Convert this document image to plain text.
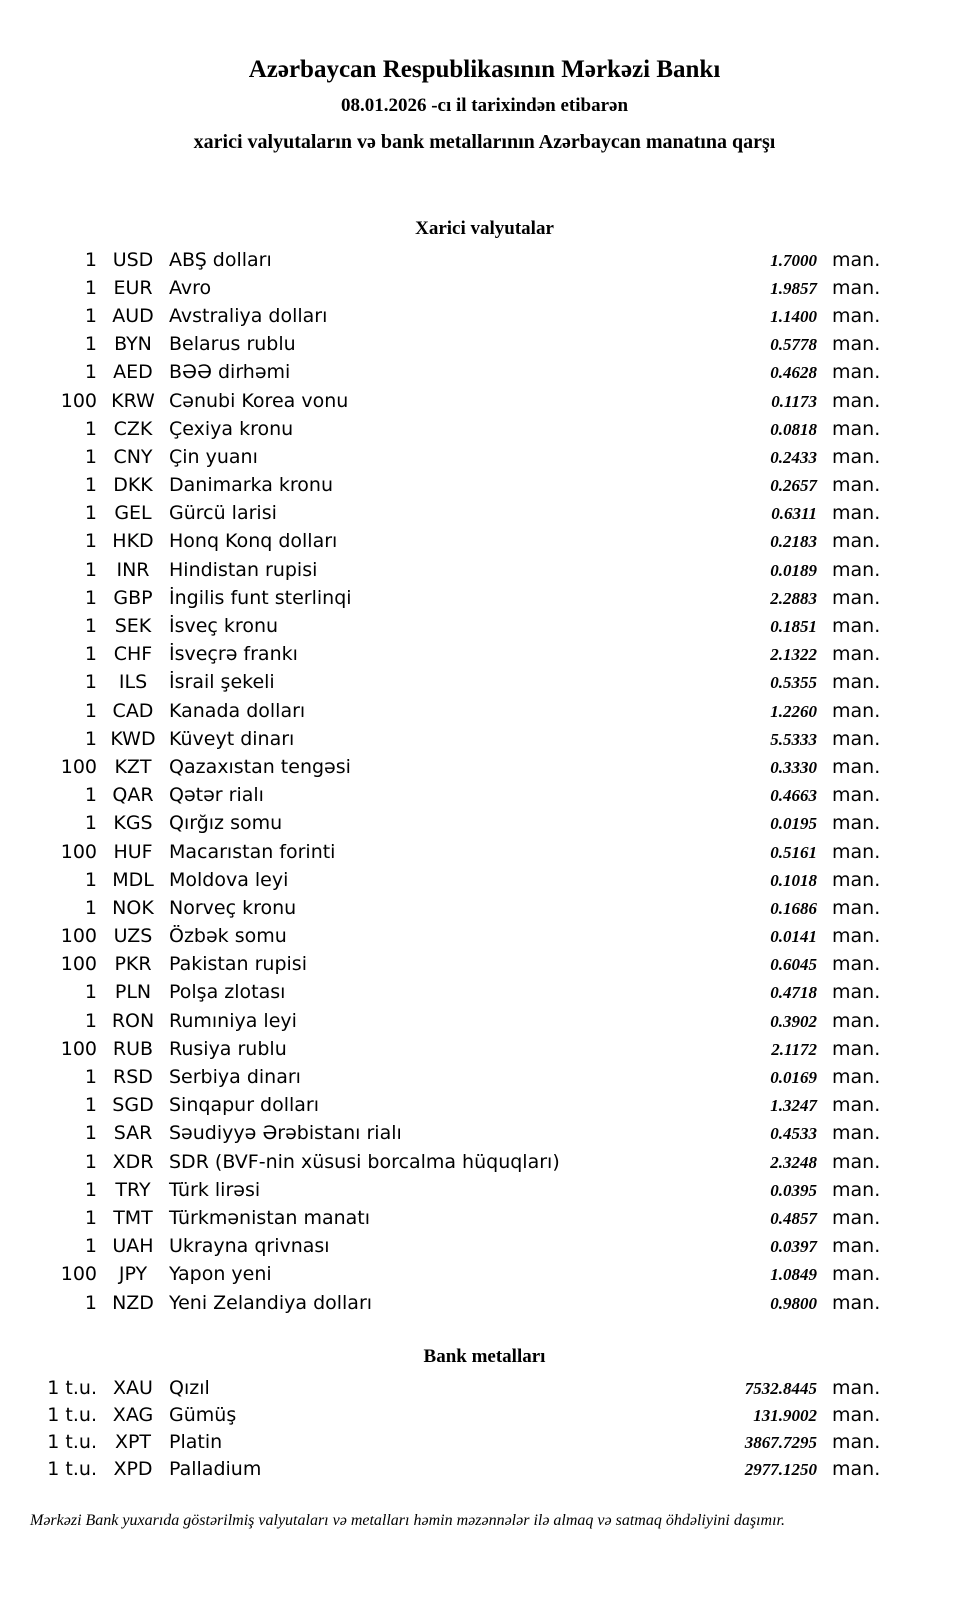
Azərbaycan Respublikasının Mərkəzi Bankı
08.01.2026 -cı il tarixindən etibarən
xarici valyutaların və bank metallarının Azərbaycan manatına qarşı
Xarici valyutalar
1 USD ABŞ dolları	1.7000 man.
1 EUR Avro	1.9857 man.
1 AUD Avstraliya dolları	1.1400 man.
1 BYN Belarus rublu	0.5778 man.
1 AED BƏƏ dirhəmi	0.4628 man.
100 KRW Cənubi Korea vonu	0.1173 man.
1 CZK Çexiya kronu	0.0818 man.
1 CNY Çin yuanı	0.2433 man.
1 DKK Danimarka kronu	0.2657 man.
1 GEL Gürcü larisi	0.6311 man.
1 HKD Honq Konq dolları	0.2183 man.
1	INR	Hindistan rupisi	0.0189 man.
1 GBP İngilis funt sterlinqi	2.2883 man.
1 SEK İsveç kronu	0.1851 man.
1 CHF İsveçrə frankı	2.1322 man.
1	ILS	İsrail şekeli	0.5355 man.
1 CAD Kanada dolları	1.2260 man.
1 KWD Küveyt dinarı	5.5333 man.
100 KZT Qazaxıstan tengəsi	0.3330 man.
1 QAR Qətər rialı	0.4663 man.
1 KGS Qırğız somu	0.0195 man.
100 HUF Macarıstan forinti	0.5161 man.
1 MDL Moldova leyi	0.1018 man.
1 NOK Norveç kronu	0.1686 man.
100 UZS Özbək somu	0.0141 man.
100 PKR Pakistan rupisi	0.6045 man.
1 PLN Polşa zlotası	0.4718 man.
1 RON Rumıniya leyi	0.3902 man.
100 RUB Rusiya rublu	2.1172 man.
1 RSD Serbiya dinarı	0.0169 man.
1 SGD Sinqapur dolları	1.3247 man.
1 SAR Səudiyyə Ərəbistanı rialı	0.4533 man.
1 XDR SDR (BVF-nin xüsusi borcalma hüquqları)	2.3248 man.
1 TRY Türk lirəsi	0.0395 man.
1 TMT Türkmənistan manatı	0.4857 man.
1 UAH Ukrayna qrivnası	0.0397 man.
100	JPY	Yapon yeni	1.0849 man.
1 NZD Yeni Zelandiya dolları	0.9800 man.
Bank metalları
1 t.u. XAU Qızıl	7532.8445 man.
1 t.u. XAG Gümüş	131.9002 man.
1 t.u. XPT Platin	3867.7295 man.
1 t.u. XPD Palladium	2977.1250 man.
Mərkəzi Bank yuxarıda göstərilmiş valyutaları və metalları həmin məzənnələr ilə almaq və satmaq öhdəliyini daşımır.
